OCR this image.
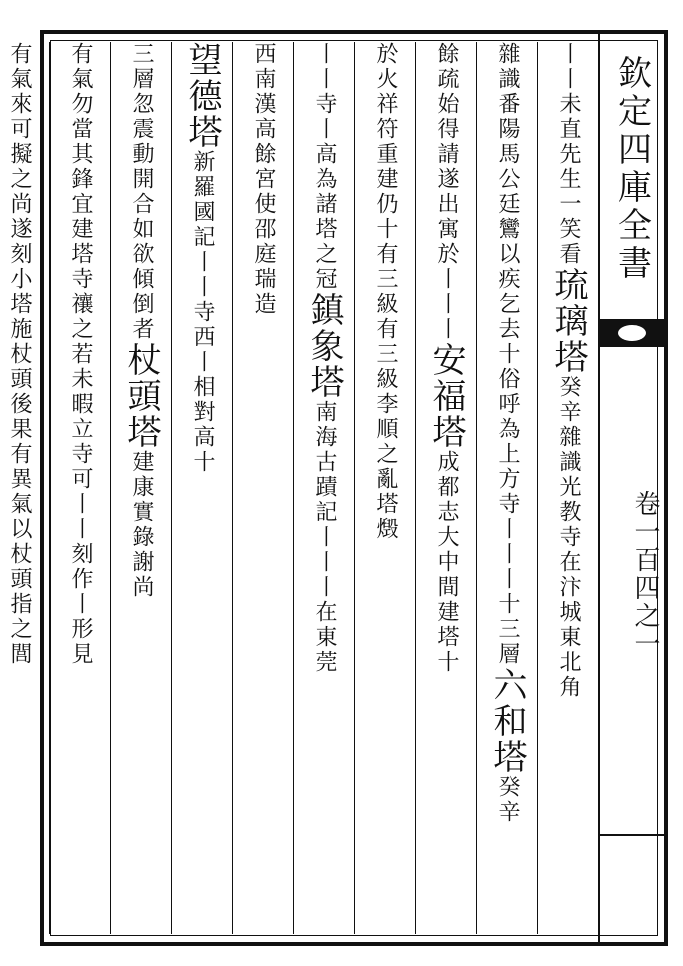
丨丨未直先生一笑看琉璃塔癸辛雜識光教寺在汴城東北角
雜識番陽馬公廷鸞以疾乞去十俗呼為上方寺丨丨丨十三層六和塔癸辛
餘疏始得請遂出寓於丨丨丨安福塔成都志大中間建塔十
於火祥符重建仍十有三級有三級李順之亂塔燬
丨丨寺丨高為諸塔之冠鎮象塔南海古蹟記丨丨丨在東莞
西南漢高餘宮使邵庭瑞造
望德塔新羅國記丨丨寺西丨相對高十
三層忽震動開合如欲傾倒者杖頭塔建康實錄謝尚
有氣勿當其鋒宜建塔寺禳之若未暇立寺可丨丨刻作丨形見
有氣來可擬之尚遂刻小塔施杖頭後果有異氣以杖頭指之閭	欽定四庫全書
卷一百四之一
